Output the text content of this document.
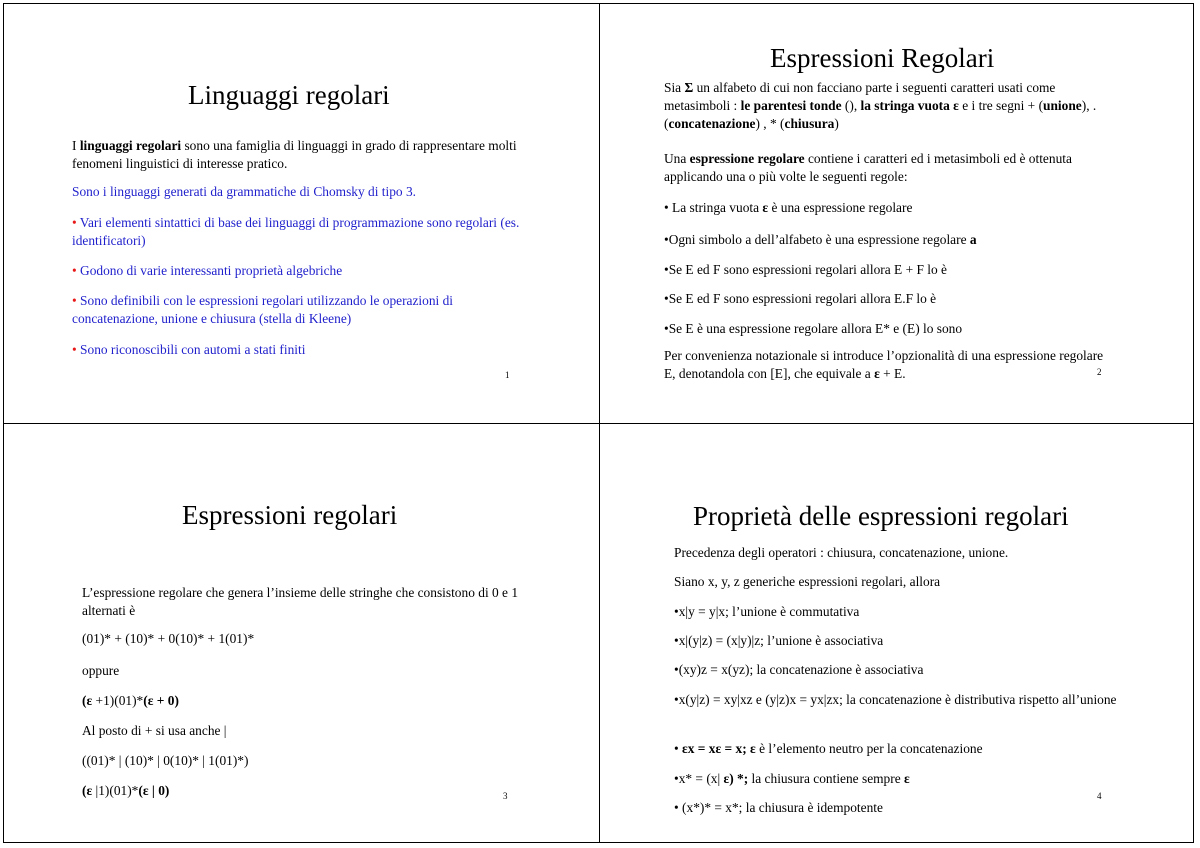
Linguaggi regolari

I linguaggi regolari sono una famiglia di linguaggi in grado di rappresentare molti fenomeni linguistici di interesse pratico.

Sono i linguaggi generati da grammatiche di Chomsky di tipo 3.

• Vari elementi sintattici di base dei linguaggi di programmazione sono regolari (es. identificatori)

• Godono di varie interessanti proprietà algebriche

• Sono definibili con le espressioni regolari utilizzando le operazioni di concatenazione, unione e chiusura (stella di Kleene)

• Sono riconoscibili con automi a stati finiti

1
Espressioni Regolari

Sia Σ un alfabeto di cui non facciano parte i seguenti caratteri usati come metasimboli : le parentesi tonde (), la stringa vuota ε e i tre segni + (unione), . (concatenazione) , * (chiusura)

Una espressione regolare contiene i caratteri ed i metasimboli ed è ottenuta applicando una o più volte le seguenti regole:

• La stringa vuota ε è una espressione regolare

•Ogni simbolo a dell’alfabeto è una espressione regolare a

•Se E ed F sono espressioni regolari allora E + F lo è

•Se E ed F sono espressioni regolari allora E.F lo è

•Se E è una espressione regolare allora E* e (E) lo sono

Per convenienza notazionale si introduce l’opzionalità di una espressione regolare E, denotandola con [E], che equivale a ε + E.	2
Espressioni regolari

L’espressione regolare che genera l’insieme delle stringhe che consistono di 0 e 1 alternati è

(01)* + (10)* + 0(10)* + 1(01)*

oppure

(ε +1)(01)*(ε + 0)

Al posto di + si usa anche |

((01)* | (10)* | 0(10)* | 1(01)*)

(ε |1)(01)*(ε | 0)	3
Proprietà delle espressioni regolari

Precedenza degli operatori : chiusura, concatenazione, unione.

Siano x, y, z generiche espressioni regolari, allora

•x|y = y|x; l’unione è commutativa

•x|(y|z) = (x|y)|z; l’unione è associativa

•(xy)z = x(yz); la concatenazione è associativa

•x(y|z) = xy|xz e (y|z)x = yx|zx; la concatenazione è distributiva rispetto all’unione

• εx = xε = x; ε è l’elemento neutro per la concatenazione

•x* = (x| ε) *; la chiusura contiene sempre ε

• (x*)* = x*; la chiusura è idempotente

4
